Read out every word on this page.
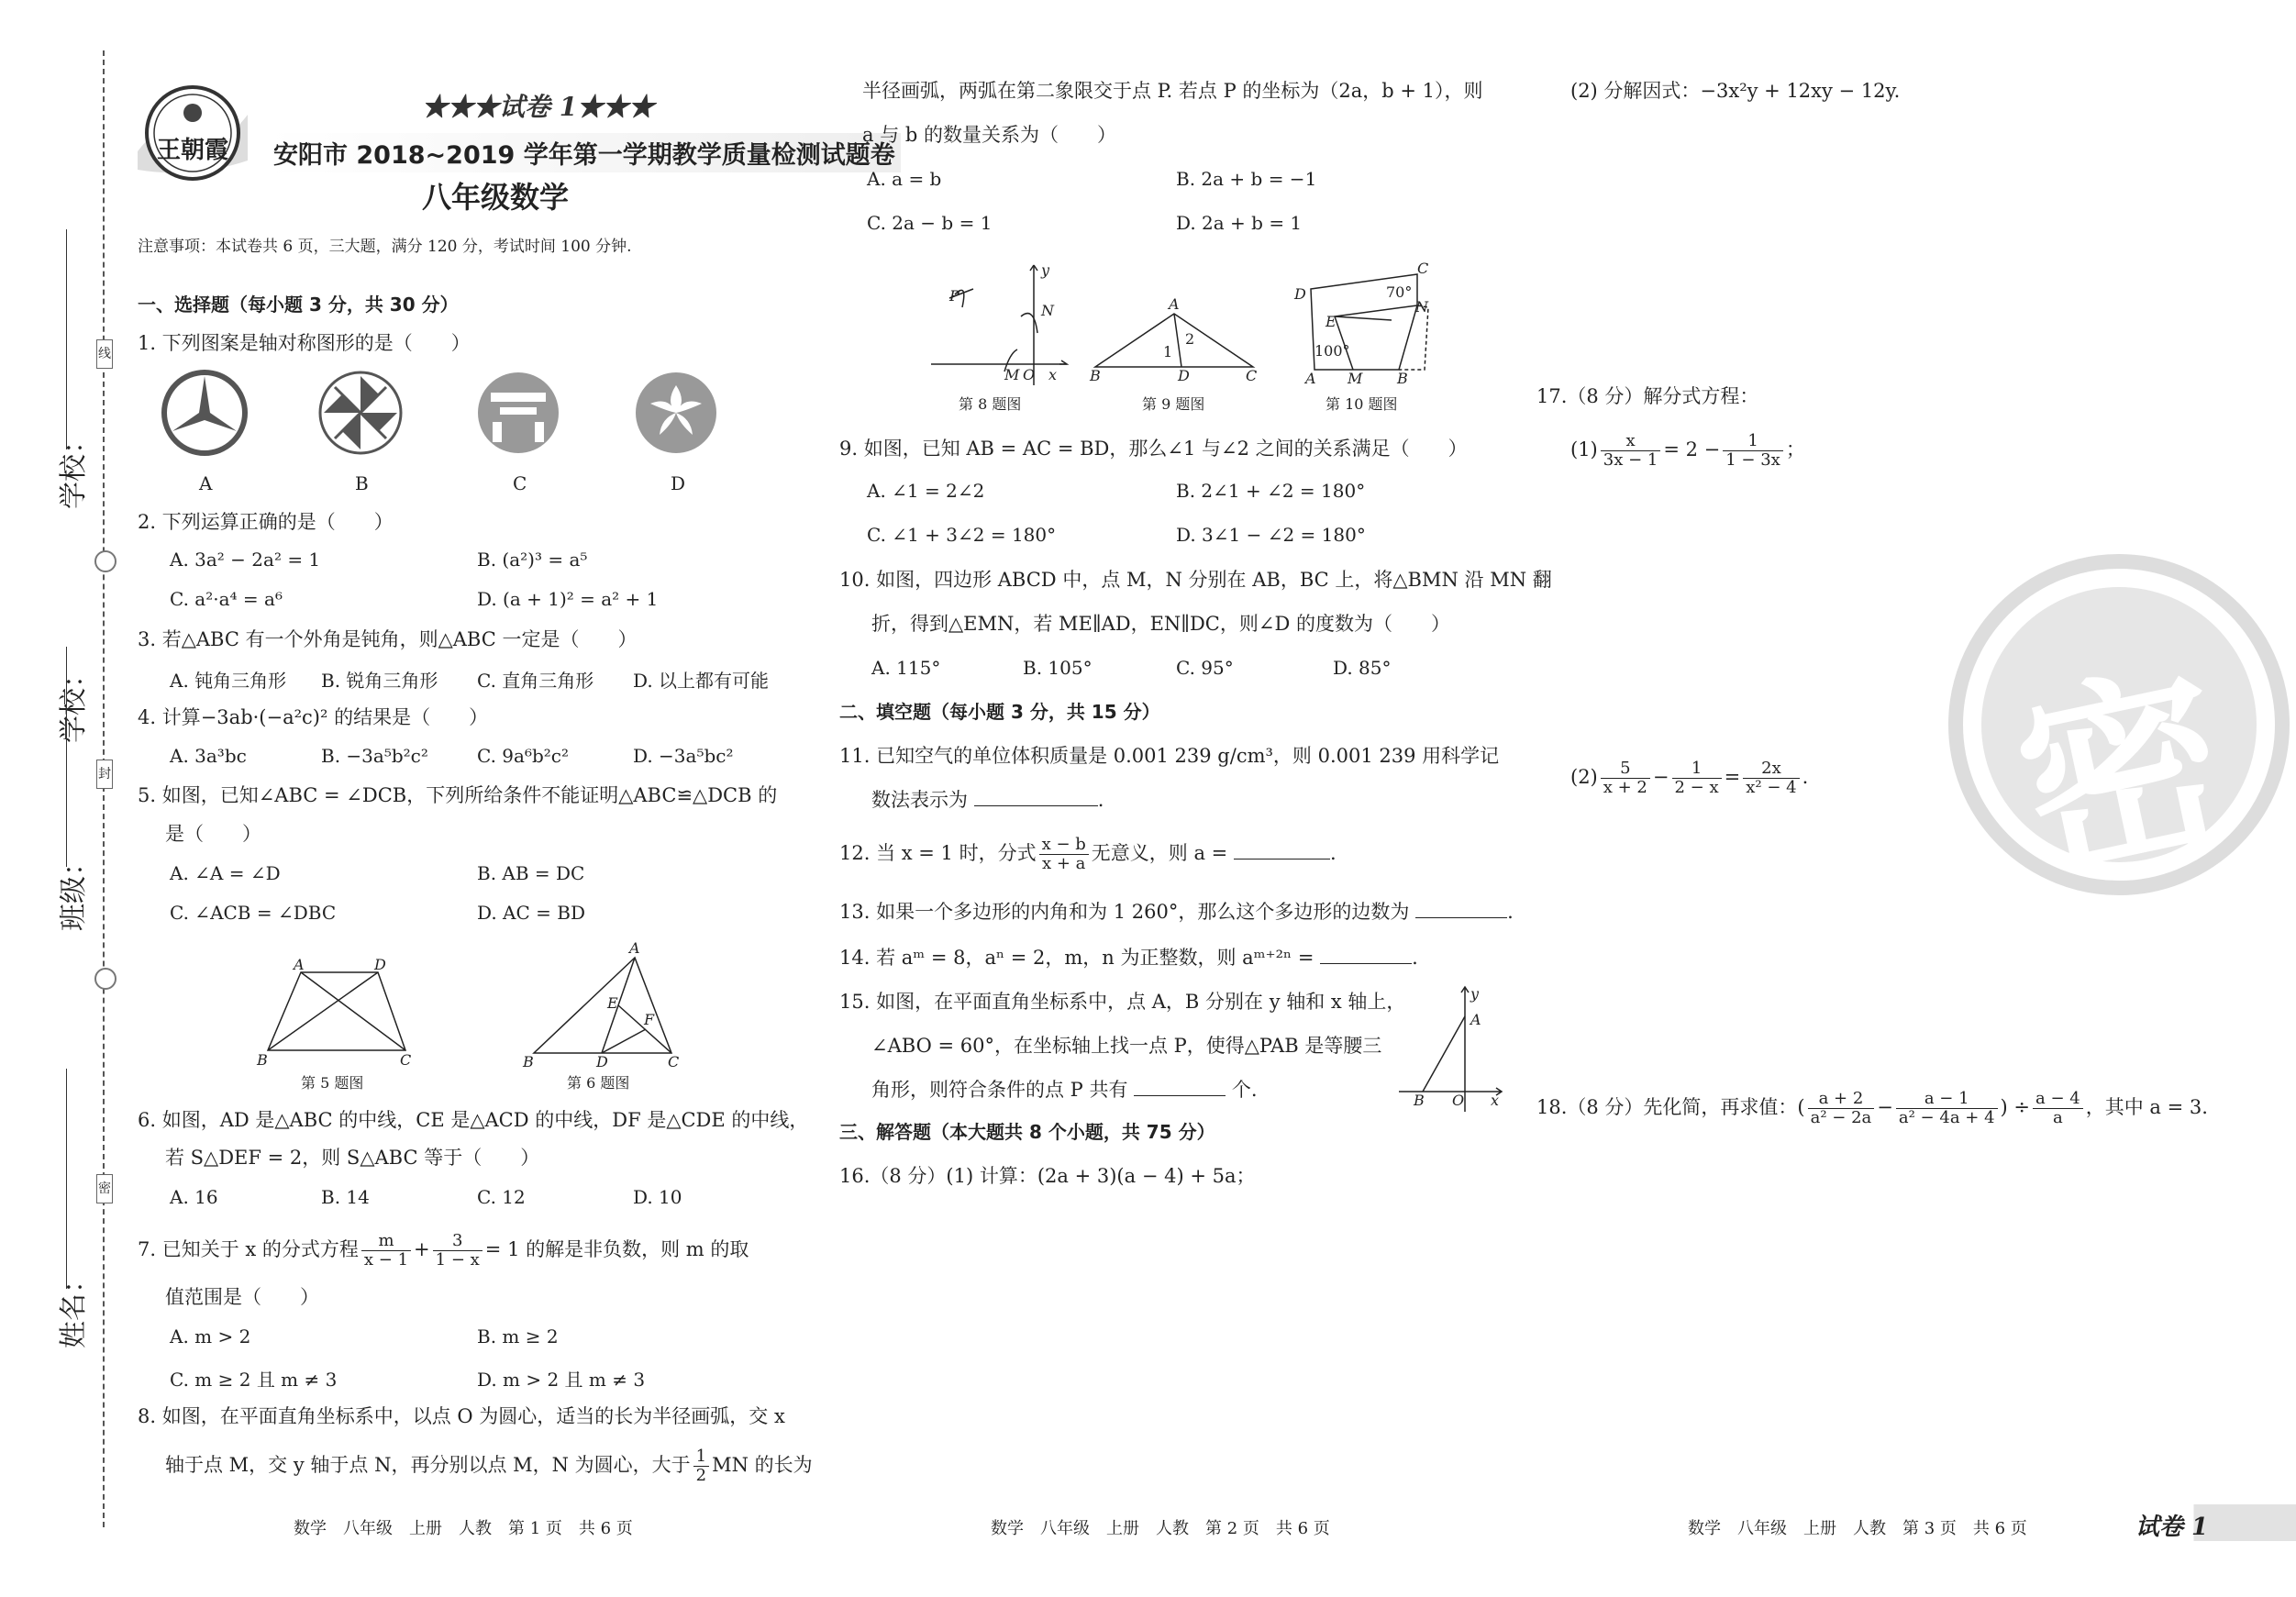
线
封
密
学校：
学校：
班级：
姓名：
王朝霞
★★★试卷 1★★★
安阳市 2018~2019 学年第一学期教学质量检测试题卷
八年级数学
注意事项：本试卷共 6 页，三大题，满分 120 分，考试时间 100 分钟.
一、选择题（每小题 3 分，共 30 分）
1. 下列图案是轴对称图形的是（　　）
A	B	C	D
2. 下列运算正确的是（　　）
A. 3a² − 2a² = 1	B. (a²)³ = a⁵
C. a²·a⁴ = a⁶	D. (a + 1)² = a² + 1
3. 若△ABC 有一个外角是钝角，则△ABC 一定是（　　）
A. 钝角三角形 B. 锐角三角形 C. 直角三角形 D. 以上都有可能
4. 计算−3ab·(−a²c)² 的结果是（　　）
A. 3a³bc	B. −3a⁵b²c²	C. 9a⁶b²c²	D. −3a⁵bc²
5. 如图，已知∠ABC = ∠DCB，下列所给条件不能证明△ABC≌△DCB 的
是（　　）
A. ∠A = ∠D	B. AB = DC
C. ∠ACB = ∠DBC	D. AC = BD
A	D
B	C
第 5 题图
A
E
F
B	D	C
第 6 题图
6. 如图，AD 是△ABC 的中线，CE 是△ACD 的中线，DF 是△CDE 的中线，
若 S△DEF = 2，则 S△ABC 等于（　　）
A. 16	B. 14	C. 12	D. 10
7. 已知关于 x 的分式方程 $\frac{m}{x - 1} + \frac{3}{1 - x} = 1$ 的解是非负数，则 m 的取
值范围是（　　）
A. m > 2	B. m ≥ 2
C. m ≥ 2 且 m ≠ 3	D. m > 2 且 m ≠ 3
8. 如图，在平面直角坐标系中，以点 O 为圆心，适当的长为半径画弧，交 x
轴于点 M，交 y 轴于点 N，再分别以点 M，N 为圆心，大于 $\frac{1}{2}$ MN 的长为
半径画弧，两弧在第二象限交于点 P. 若点 P 的坐标为（2a，b + 1），则
a 与 b 的数量关系为（　　）
A. a = b	B. 2a + b = −1
C. 2a − b = 1	D. 2a + b = 1
P
y
N
M O x
第 8 题图
A
1
2
B	D	C
第 9 题图
C
D	70°
N
E
100°
A M B
第 10 题图
9. 如图，已知 AB = AC = BD，那么∠1 与∠2 之间的关系满足（　　）
A. ∠1 = 2∠2	B. 2∠1 + ∠2 = 180°
C. ∠1 + 3∠2 = 180°	D. 3∠1 − ∠2 = 180°
10. 如图，四边形 ABCD 中，点 M，N 分别在 AB，BC 上，将△BMN 沿 MN 翻
折，得到△EMN，若 ME∥AD，EN∥DC，则∠D 的度数为（　　）
A. 115°	B. 105°	C. 95°	D. 85°
二、填空题（每小题 3 分，共 15 分）
11. 已知空气的单位体积质量是 0.001 239 g/cm³，则 0.001 239 用科学记
数法表示为	.
12. 当 x = 1 时，分式 $\frac{x - b}{x + a}$ 无意义，则 a =	.
13. 如果一个多边形的内角和为 1 260°，那么这个多边形的边数为	.
14. 若 aᵐ = 8，aⁿ = 2，m，n 为正整数，则 aᵐ⁺²ⁿ =	.
15. 如图，在平面直角坐标系中，点 A，B 分别在 y 轴和 x 轴上，
∠ABO = 60°，在坐标轴上找一点 P，使得△PAB 是等腰三
角形，则符合条件的点 P 共有	个.
y
A
B O x
三、解答题（本大题共 8 个小题，共 75 分）
16.（8 分）(1) 计算：(2a + 3)(a − 4) + 5a；
(2) 分解因式：−3x²y + 12xy − 12y.
17.（8 分）解分式方程：
$(1) \frac{x}{3x - 1} = 2 - \frac{1}{1 - 3x}$ ；
$(2) \frac{5}{x + 2} - \frac{1}{2 - x} = \frac{2x}{\text{x² − 4}}$ .
18.（8 分）先化简，再求值：( $\frac{a + 2}{\text{a² − 2a}} - \frac{a - 1}{\text{a² − 4a + 4}}$ ) ÷ $\frac{a - 4}{a}$ ，其中 a = 3.
密
数学　八年级　上册　人教　第 1 页　共 6 页	数学　八年级　上册　人教　第 2 页　共 6 页	数学　八年级　上册　人教　第 3 页　共 6 页	试卷 1
